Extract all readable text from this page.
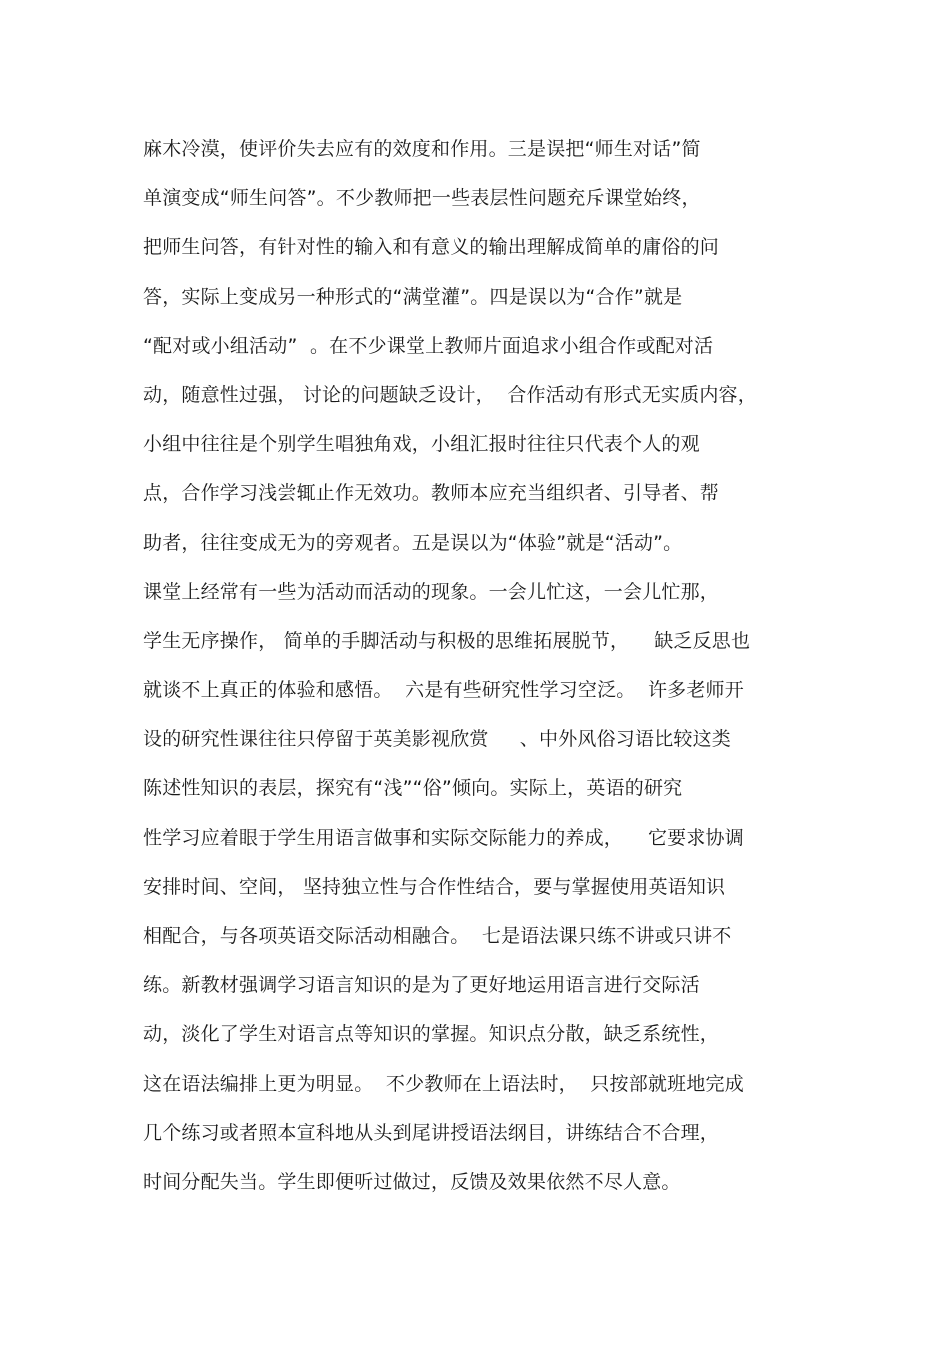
麻木冷漠，使评价失去应有的效度和作用。三是误把“师生对话”简
单演变成“师生问答”。不少教师把一些表层性问题充斥课堂始终，
把师生问答，有针对性的输入和有意义的输出理解成简单的庸俗的问
答，实际上变成另一种形式的“满堂灌”。四是误以为“合作”就是
“配对或小组活动”  。在不少课堂上教师片面追求小组合作或配对活
动，随意性过强， 讨论的问题缺乏设计，  合作活动有形式无实质内容，
小组中往往是个别学生唱独角戏，小组汇报时往往只代表个人的观
点，合作学习浅尝辄止作无效功。教师本应充当组织者、引导者、帮
助者，往往变成无为的旁观者。五是误以为“体验”就是“活动”。
课堂上经常有一些为活动而活动的现象。一会儿忙这，一会儿忙那，
学生无序操作， 简单的手脚活动与积极的思维拓展脱节，    缺乏反思也
就谈不上真正的体验和感悟。  六是有些研究性学习空泛。  许多老师开
设的研究性课往往只停留于英美影视欣赏     、中外风俗习语比较这类
陈述性知识的表层，探究有“浅”“俗”倾向。实际上，英语的研究
性学习应着眼于学生用语言做事和实际交际能力的养成，    它要求协调
安排时间、空间， 坚持独立性与合作性结合，要与掌握使用英语知识
相配合，与各项英语交际活动相融合。  七是语法课只练不讲或只讲不
练。新教材强调学习语言知识的是为了更好地运用语言进行交际活
动，淡化了学生对语言点等知识的掌握。知识点分散，缺乏系统性，
这在语法编排上更为明显。  不少教师在上语法时，  只按部就班地完成
几个练习或者照本宣科地从头到尾讲授语法纲目，讲练结合不合理，
时间分配失当。学生即便听过做过，反馈及效果依然不尽人意。
